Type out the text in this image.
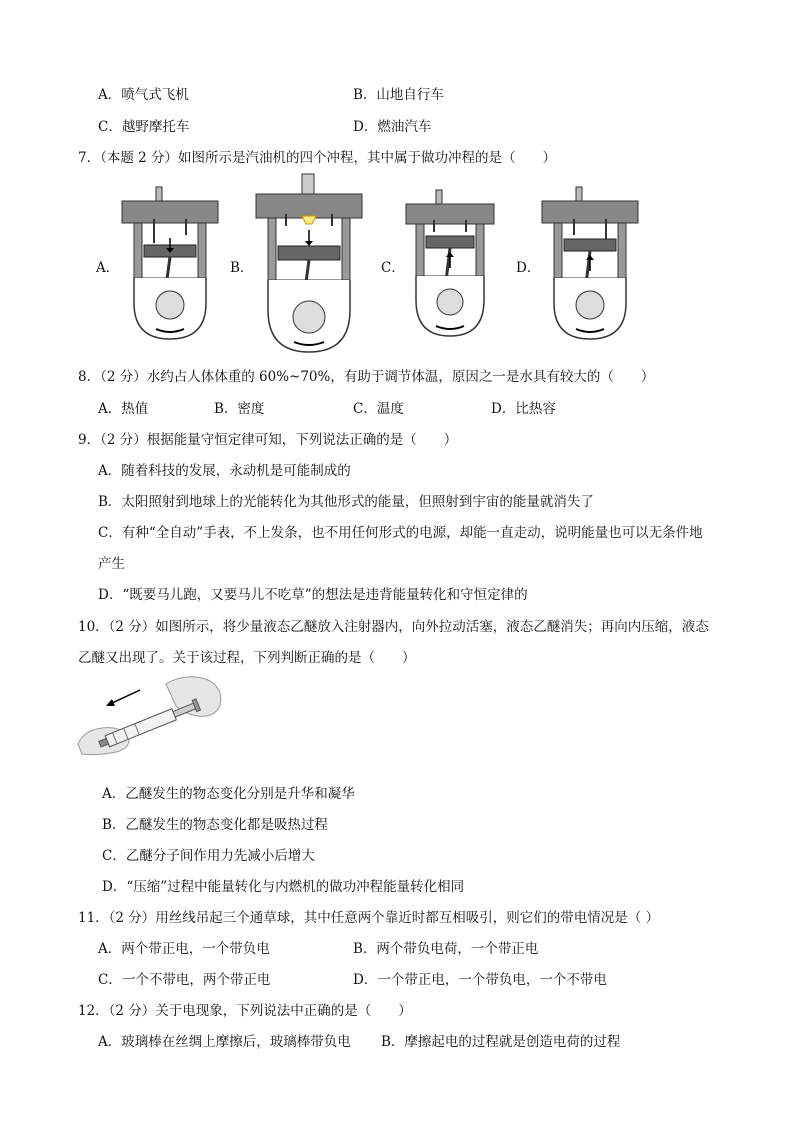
A．喷气式飞机	B．山地自行车
C．越野摩托车	D．燃油汽车
7．（本题 2 分）如图所示是汽油机的四个冲程，其中属于做功冲程的是（　　）
A．	B．	C．	D．
8．（2 分）水约占人体体重的 60%~70%，有助于调节体温，原因之一是水具有较大的（　　）
A．热值	B．密度	C．温度	D．比热容
9．（2 分）根据能量守恒定律可知，下列说法正确的是（　　）
A．随着科技的发展，永动机是可能制成的
B．太阳照射到地球上的光能转化为其他形式的能量，但照射到宇宙的能量就消失了
C．有种“全自动”手表，不上发条，也不用任何形式的电源，却能一直走动，说明能量也可以无条件地
产生
D．“既要马儿跑，又要马儿不吃草”的想法是违背能量转化和守恒定律的
10．（2 分）如图所示，将少量液态乙醚放入注射器内，向外拉动活塞，液态乙醚消失；再向内压缩，液态
乙醚又出现了。关于该过程，下列判断正确的是（　　）
A．乙醚发生的物态变化分别是升华和凝华
B．乙醚发生的物态变化都是吸热过程
C．乙醚分子间作用力先减小后增大
D．“压缩”过程中能量转化与内燃机的做功冲程能量转化相同
11．（2 分）用丝线吊起三个通草球，其中任意两个靠近时都互相吸引，则它们的带电情况是（ ）
A．两个带正电，一个带负电	B．两个带负电荷，一个带正电
C．一个不带电，两个带正电	D．一个带正电，一个带负电，一个不带电
12．（2 分）关于电现象，下列说法中正确的是（　　）
A．玻璃棒在丝绸上摩擦后，玻璃棒带负电 B．摩擦起电的过程就是创造电荷的过程
